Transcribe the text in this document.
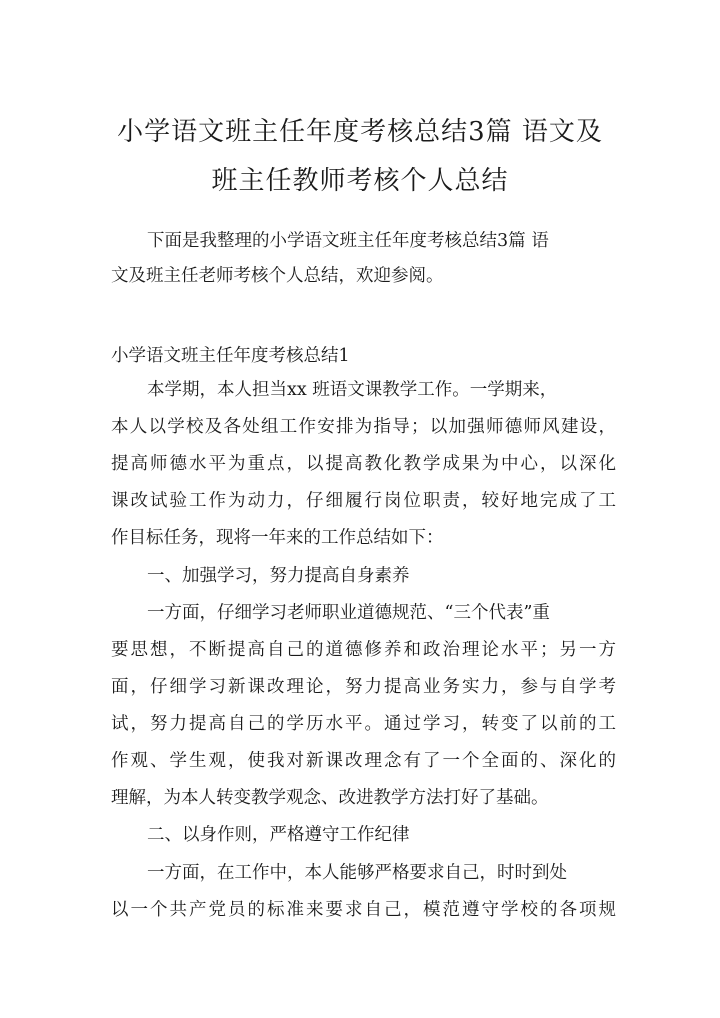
小学语文班主任年度考核总结3篇 语文及
班主任教师考核个人总结
下面是我整理的小学语文班主任年度考核总结3篇 语
文及班主任老师考核个人总结，欢迎参阅。
小学语文班主任年度考核总结1
本学期，本人担当xx 班语文课教学工作。一学期来，
本人以学校及各处组工作安排为指导；以加强师德师风建设，
提高师德水平为重点，以提高教化教学成果为中心，以深化
课改试验工作为动力，仔细履行岗位职责，较好地完成了工
作目标任务，现将一年来的工作总结如下：
一、加强学习，努力提高自身素养
一方面，仔细学习老师职业道德规范、“三个代表”重
要思想，不断提高自己的道德修养和政治理论水平；另一方
面，仔细学习新课改理论，努力提高业务实力，参与自学考
试，努力提高自己的学历水平。通过学习，转变了以前的工
作观、学生观，使我对新课改理念有了一个全面的、深化的
理解，为本人转变教学观念、改进教学方法打好了基础。
二、以身作则，严格遵守工作纪律
一方面，在工作中，本人能够严格要求自己，时时到处
以一个共产党员的标准来要求自己，模范遵守学校的各项规
